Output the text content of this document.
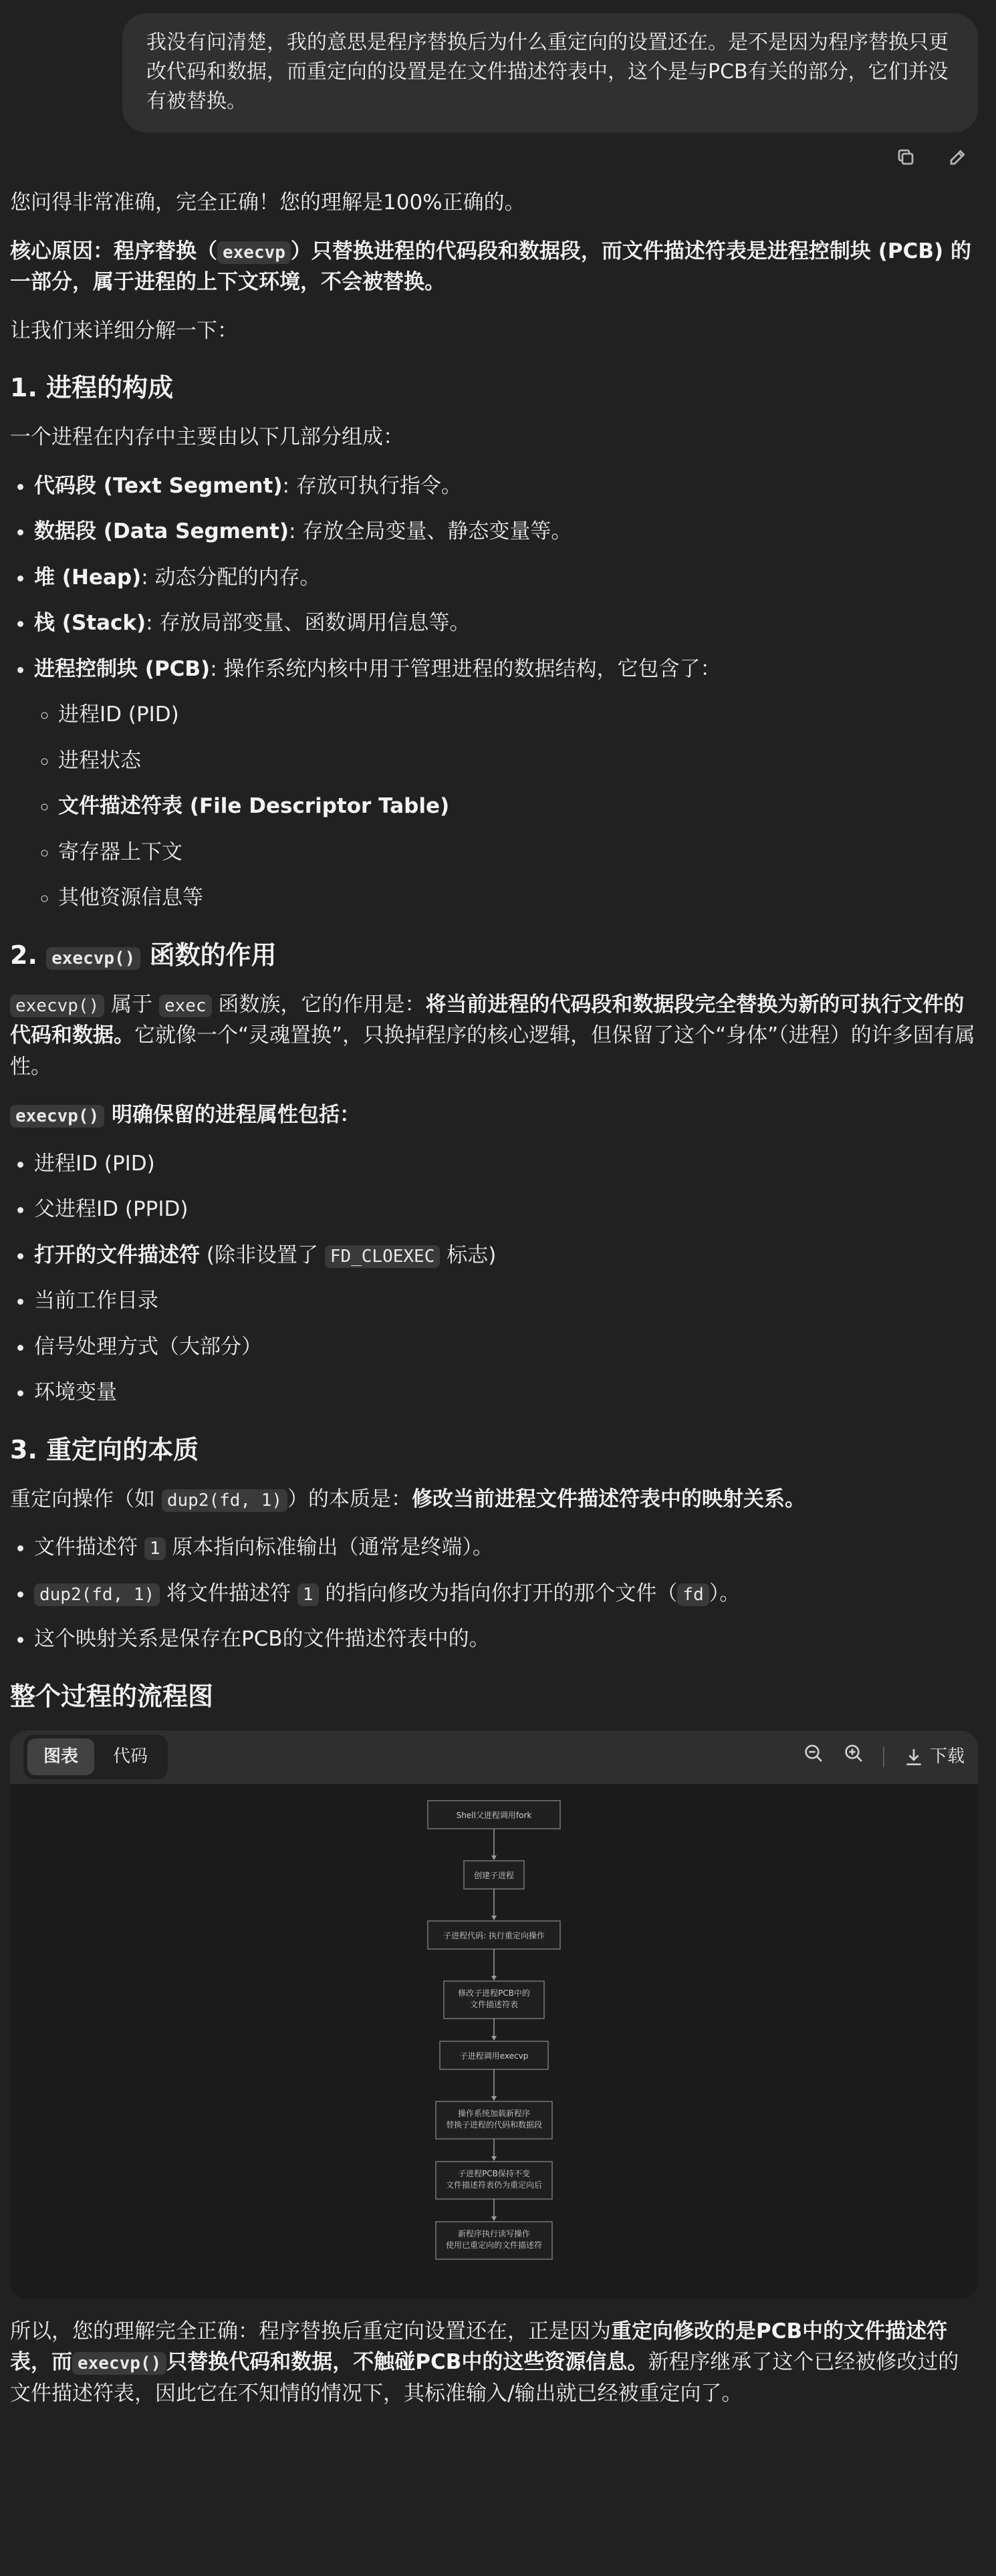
我没有问清楚，我的意思是程序替换后为什么重定向的设置还在。是不是因为程序替换只更改代码和数据，而重定向的设置是在文件描述符表中，这个是与PCB有关的部分，它们并没有被替换。

您问得非常准确，完全正确！您的理解是100%正确的。

核心原因：程序替换（ execvp ）只替换进程的代码段和数据段，而文件描述符表是进程控制块 (PCB) 的一部分，属于进程的上下文环境，不会被替换。

让我们来详细分解一下：

1. 进程的构成

一个进程在内存中主要由以下几部分组成：

• 代码段 (Text Segment): 存放可执行指令。
• 数据段 (Data Segment): 存放全局变量、静态变量等。
• 堆 (Heap): 动态分配的内存。
• 栈 (Stack): 存放局部变量、函数调用信息等。
• 进程控制块 (PCB): 操作系统内核中用于管理进程的数据结构，它包含了：
◦ 进程ID (PID)
◦ 进程状态
◦ 文件描述符表 (File Descriptor Table)
◦ 寄存器上下文
◦ 其他资源信息等
2. execvp() 函数的作用

execvp() 属于 exec 函数族，它的作用是：将当前进程的代码段和数据段完全替换为新的可执行文件的代码和数据。它就像一个“灵魂置换”，只换掉程序的核心逻辑，但保留了这个“身体”（进程）的许多固有属性。

execvp() 明确保留的进程属性包括：

• 进程ID (PID)
• 父进程ID (PPID)
• 打开的文件描述符 (除非设置了 FD_CLOEXEC 标志)
• 当前工作目录
• 信号处理方式（大部分）
• 环境变量
3. 重定向的本质

重定向操作（如 dup2(fd, 1) ）的本质是：修改当前进程文件描述符表中的映射关系。

• 文件描述符 1 原本指向标准输出（通常是终端）。
• dup2(fd, 1) 将文件描述符 1 的指向修改为指向你打开的那个文件（ fd ）。
• 这个映射关系是保存在PCB的文件描述符表中的。
整个过程的流程图
图表	代码	下载
Shell父进程调用fork
创建子进程
子进程代码: 执行重定向操作
修改子进程PCB中的
文件描述符表
子进程调用execvp
操作系统加载新程序
替换子进程的代码和数据段
子进程PCB保持不变
文件描述符表仍为重定向后
新程序执行读写操作
使用已重定向的文件描述符

所以，您的理解完全正确：程序替换后重定向设置还在，正是因为重定向修改的是PCB中的文件描述符表，而 execvp() 只替换代码和数据，不触碰PCB中的这些资源信息。新程序继承了这个已经被修改过的文件描述符表，因此它在不知情的情况下，其标准输入/输出就已经被重定向了。
